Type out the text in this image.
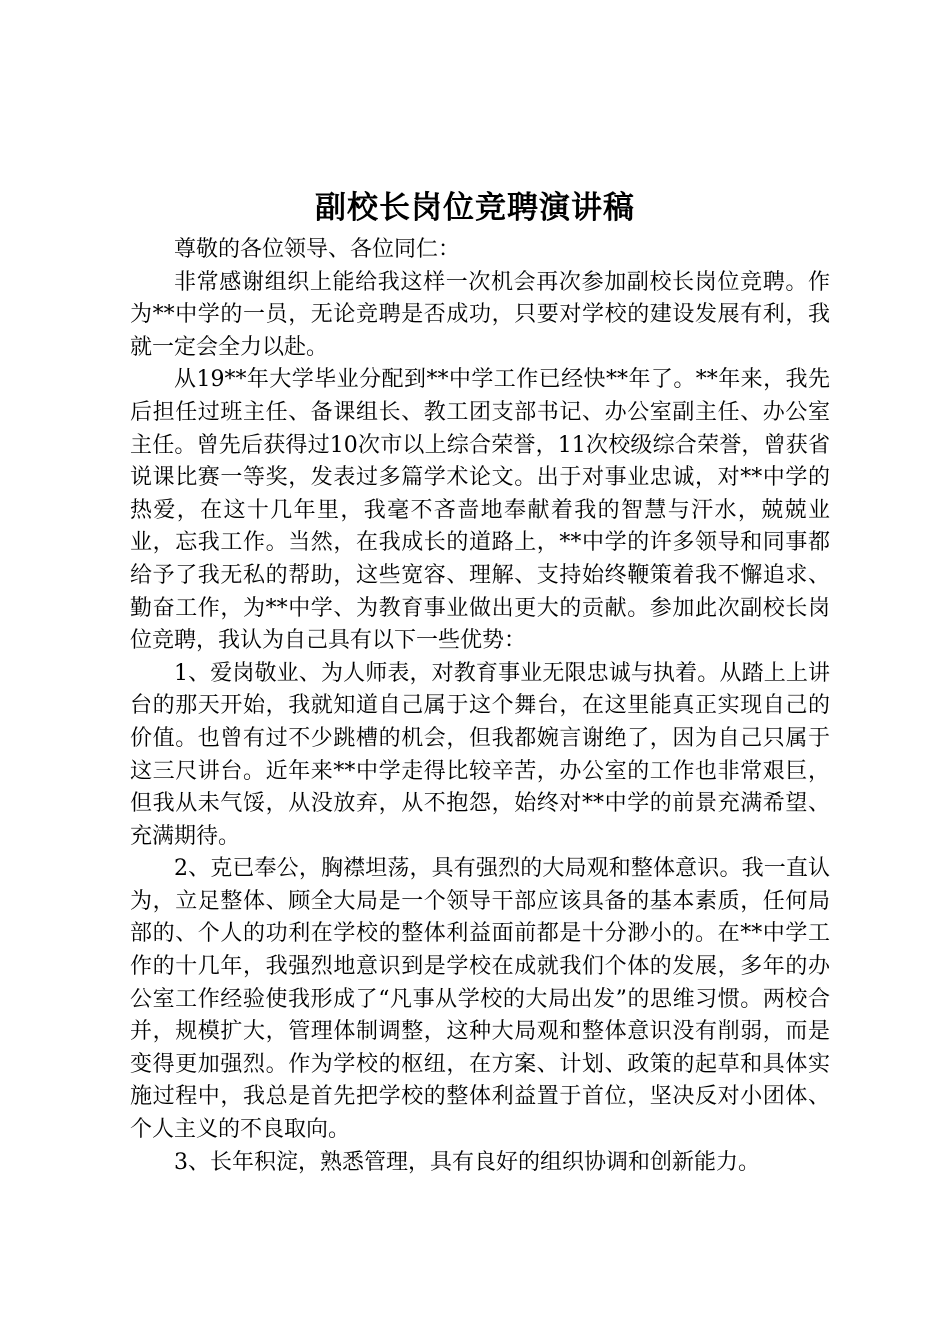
副校长岗位竞聘演讲稿

尊敬的各位领导、各位同仁：

非常感谢组织上能给我这样一次机会再次参加副校长岗位竞聘。作为**中学的一员，无论竞聘是否成功，只要对学校的建设发展有利，我就一定会全力以赴。

从19**年大学毕业分配到**中学工作已经快**年了。**年来，我先后担任过班主任、备课组长、教工团支部书记、办公室副主任、办公室主任。曾先后获得过10次市以上综合荣誉，11次校级综合荣誉，曾获省说课比赛一等奖，发表过多篇学术论文。出于对事业忠诚，对**中学的热爱，在这十几年里，我毫不吝啬地奉献着我的智慧与汗水，兢兢业业，忘我工作。当然，在我成长的道路上，**中学的许多领导和同事都给予了我无私的帮助，这些宽容、理解、支持始终鞭策着我不懈追求、勤奋工作，为**中学、为教育事业做出更大的贡献。参加此次副校长岗位竞聘，我认为自己具有以下一些优势：

1、爱岗敬业、为人师表，对教育事业无限忠诚与执着。从踏上上讲台的那天开始，我就知道自己属于这个舞台，在这里能真正实现自己的价值。也曾有过不少跳槽的机会，但我都婉言谢绝了，因为自己只属于这三尺讲台。近年来**中学走得比较辛苦，办公室的工作也非常艰巨，但我从未气馁，从没放弃，从不抱怨，始终对**中学的前景充满希望、充满期待。

2、克已奉公，胸襟坦荡，具有强烈的大局观和整体意识。我一直认为，立足整体、顾全大局是一个领导干部应该具备的基本素质，任何局部的、个人的功利在学校的整体利益面前都是十分渺小的。在**中学工作的十几年，我强烈地意识到是学校在成就我们个体的发展，多年的办公室工作经验使我形成了“凡事从学校的大局出发”的思维习惯。两校合并，规模扩大，管理体制调整，这种大局观和整体意识没有削弱，而是变得更加强烈。作为学校的枢纽，在方案、计划、政策的起草和具体实施过程中，我总是首先把学校的整体利益置于首位，坚决反对小团体、个人主义的不良取向。

3、长年积淀，熟悉管理，具有良好的组织协调和创新能力。
